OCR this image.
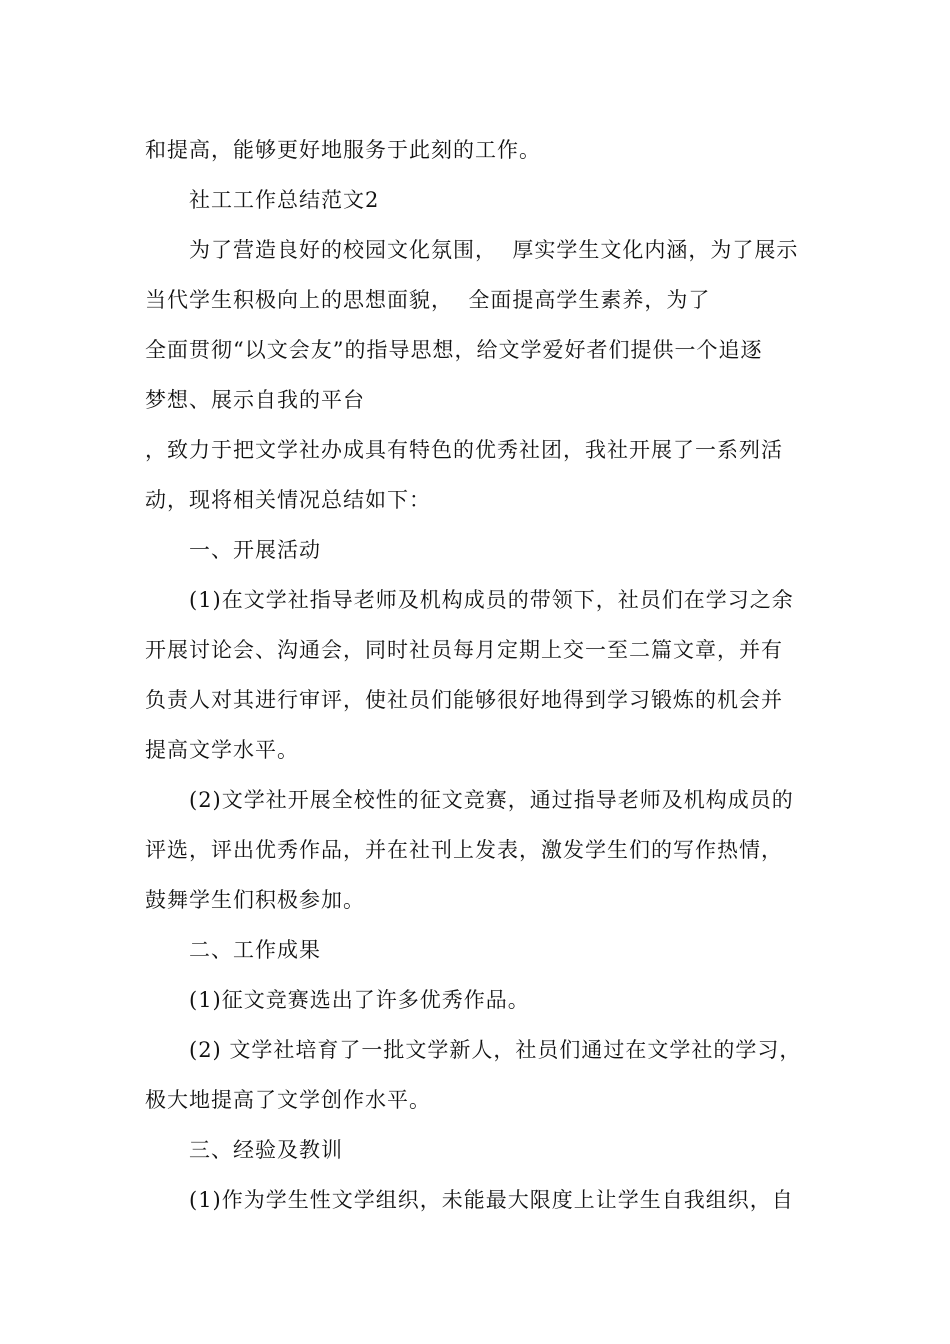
和提高，能够更好地服务于此刻的工作。
社工工作总结范文2
为了营造良好的校园文化氛围，  厚实学生文化内涵，为了展示
当代学生积极向上的思想面貌，  全面提高学生素养，为了
全面贯彻“以文会友”的指导思想，给文学爱好者们提供一个追逐
梦想、展示自我的平台
，致力于把文学社办成具有特色的优秀社团，我社开展了一系列活
动，现将相关情况总结如下：
一、开展活动
(1)在文学社指导老师及机构成员的带领下，社员们在学习之余
开展讨论会、沟通会，同时社员每月定期上交一至二篇文章，并有
负责人对其进行审评，使社员们能够很好地得到学习锻炼的机会并
提高文学水平。
(2)文学社开展全校性的征文竞赛，通过指导老师及机构成员的
评选，评出优秀作品，并在社刊上发表，激发学生们的写作热情，
鼓舞学生们积极参加。
二、工作成果
(1)征文竞赛选出了许多优秀作品。
(2) 文学社培育了一批文学新人，社员们通过在文学社的学习，
极大地提高了文学创作水平。
三、经验及教训
(1)作为学生性文学组织，未能最大限度上让学生自我组织，自
